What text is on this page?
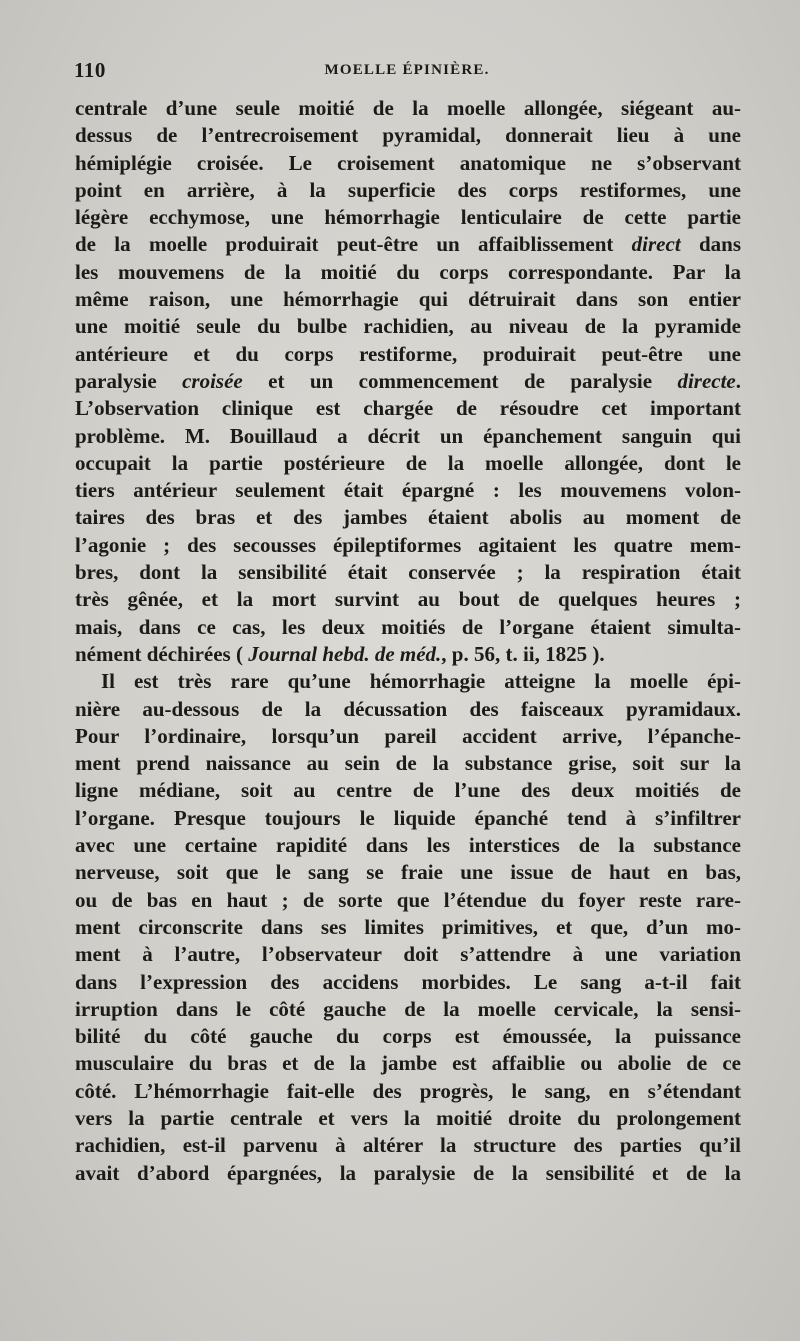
110	MOELLE ÉPINIÈRE.
centrale d’une seule moitié de la moelle allongée, siégeant au-
dessus de l’entrecroisement pyramidal, donnerait lieu à une
hémiplégie croisée. Le croisement anatomique ne s’observant
point en arrière, à la superficie des corps restiformes, une
légère ecchymose, une hémorrhagie lenticulaire de cette partie
de la moelle produirait peut-être un affaiblissement direct dans
les mouvemens de la moitié du corps correspondante. Par la
même raison, une hémorrhagie qui détruirait dans son entier
une moitié seule du bulbe rachidien, au niveau de la pyramide
antérieure et du corps restiforme, produirait peut-être une
paralysie croisée et un commencement de paralysie directe.
L’observation clinique est chargée de résoudre cet important
problème. M. Bouillaud a décrit un épanchement sanguin qui
occupait la partie postérieure de la moelle allongée, dont le
tiers antérieur seulement était épargné : les mouvemens volon-
taires des bras et des jambes étaient abolis au moment de
l’agonie ; des secousses épileptiformes agitaient les quatre mem-
bres, dont la sensibilité était conservée ; la respiration était
très gênée, et la mort survint au bout de quelques heures ;
mais, dans ce cas, les deux moitiés de l’organe étaient simulta-
nément déchirées ( Journal hebd. de méd., p. 56, t. ii, 1825 ).
Il est très rare qu’une hémorrhagie atteigne la moelle épi-
nière au-dessous de la décussation des faisceaux pyramidaux.
Pour l’ordinaire, lorsqu’un pareil accident arrive, l’épanche-
ment prend naissance au sein de la substance grise, soit sur la
ligne médiane, soit au centre de l’une des deux moitiés de
l’organe. Presque toujours le liquide épanché tend à s’infiltrer
avec une certaine rapidité dans les interstices de la substance
nerveuse, soit que le sang se fraie une issue de haut en bas,
ou de bas en haut ; de sorte que l’étendue du foyer reste rare-
ment circonscrite dans ses limites primitives, et que, d’un mo-
ment à l’autre, l’observateur doit s’attendre à une variation
dans l’expression des accidens morbides. Le sang a-t-il fait
irruption dans le côté gauche de la moelle cervicale, la sensi-
bilité du côté gauche du corps est émoussée, la puissance
musculaire du bras et de la jambe est affaiblie ou abolie de ce
côté. L’hémorrhagie fait-elle des progrès, le sang, en s’étendant
vers la partie centrale et vers la moitié droite du prolongement
rachidien, est-il parvenu à altérer la structure des parties qu’il
avait d’abord épargnées, la paralysie de la sensibilité et de la
